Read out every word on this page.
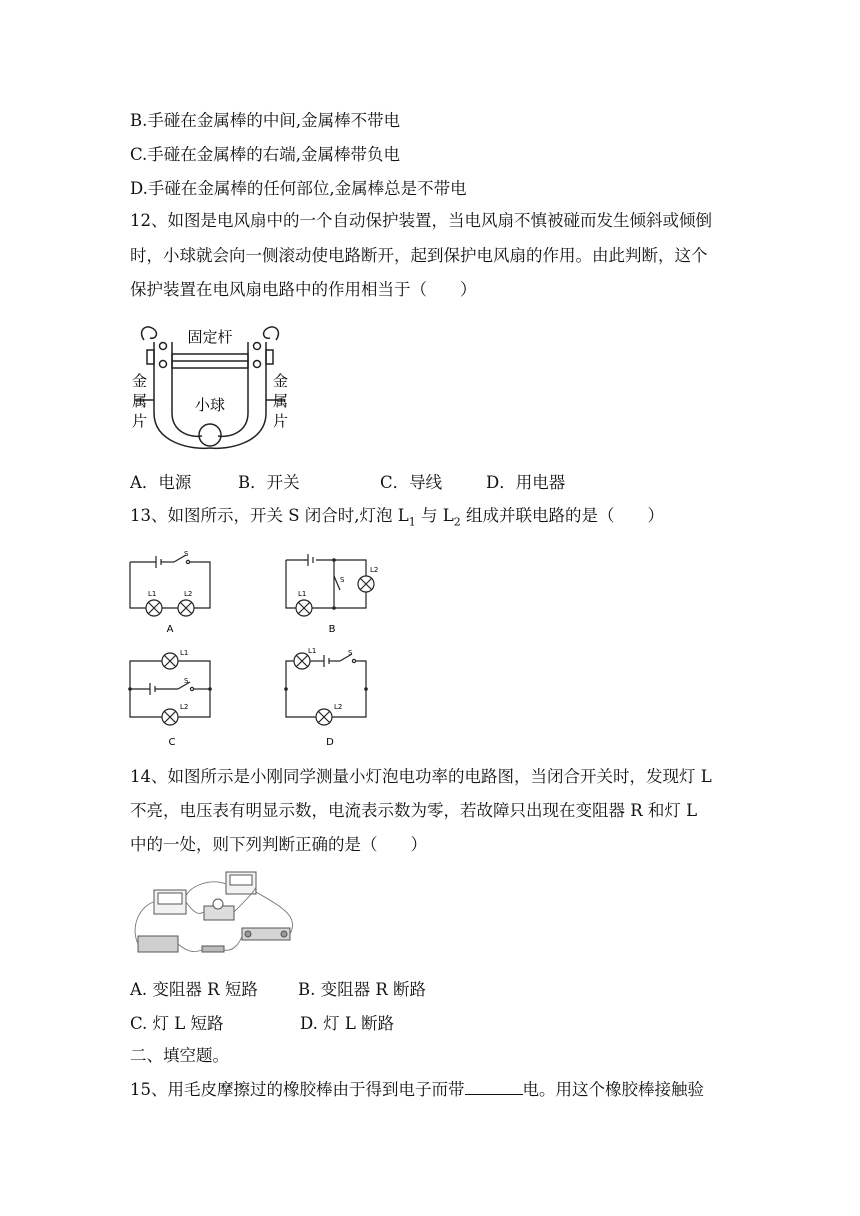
B.手碰在金属棒的中间,金属棒不带电
C.手碰在金属棒的右端,金属棒带负电
D.手碰在金属棒的任何部位,金属棒总是不带电
12、如图是电风扇中的一个自动保护装置，当电风扇不慎被碰而发生倾斜或倾倒
时，小球就会向一侧滚动使电路断开，起到保护电风扇的作用。由此判断，这个
保护装置在电风扇电路中的作用相当于（　　）
固定杆
小球
金
属
片
金
属
片
A．电源	B．开关	C．导线	D．用电器
13、如图所示，开关 S 闭合时,灯泡 $L_1$ 与 $L_2$ 组成并联电路的是（　　）
S
L1	L2
A
S
L1
L2
B
L1
S
L2
C
L1	S
L2
D
14、如图所示是小刚同学测量小灯泡电功率的电路图，当闭合开关时，发现灯 L
不亮，电压表有明显示数，电流表示数为零，若故障只出现在变阻器 R 和灯 L
中的一处，则下列判断正确的是（　　）
A. 变阻器 R 短路 B. 变阻器 R 断路
C. 灯 L 短路	D. 灯 L 断路
二、填空题。
15、用毛皮摩擦过的橡胶棒由于得到电子而带	电。用这个橡胶棒接触验
